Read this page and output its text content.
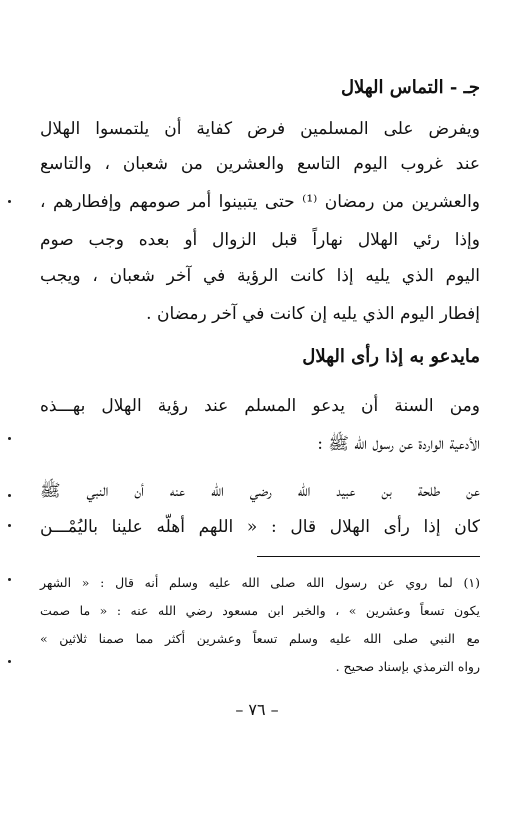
جـ - التماس الهلال
ويفرض على المسلمين فرض كفاية أن يلتمسوا الهلال
عند غروب اليوم التاسع والعشرين من شعبان ، والتاسع
والعشرين من رمضان ⁽¹⁾ حتى يتبينوا أمر صومهم وإفطارهم ،
وإذا رئي الهلال نهاراً قبل الزوال أو بعده وجب صوم
اليوم الذي يليه إذا كانت الرؤية في آخر شعبان ، ويجب
إفطار اليوم الذي يليه إن كانت في آخر رمضان .
مايدعو به إذا رأى الهلال
ومن السنة أن يدعو المسلم عند رؤية الهلال بهـــذه
الأدعية الواردة عن رسول الله ﷺ :
عن طلحة بن عبيد الله رضي الله عنه أن النبي ﷺ
كان إذا رأى الهلال قال : « اللهم أهلّه علينا باليُمْـــن
(١) لما روي عن رسول الله صلى الله عليه وسلم أنه قال : « الشهر
يكون تسعاً وعشرين » ، والخبر ابن مسعود رضي الله عنه : « ما صمت
مع النبي صلى الله عليه وسلم تسعاً وعشرين أكثر مما صمنا ثلاثين »
رواه الترمذي بإسناد صحيح .
– ٧٦ –
